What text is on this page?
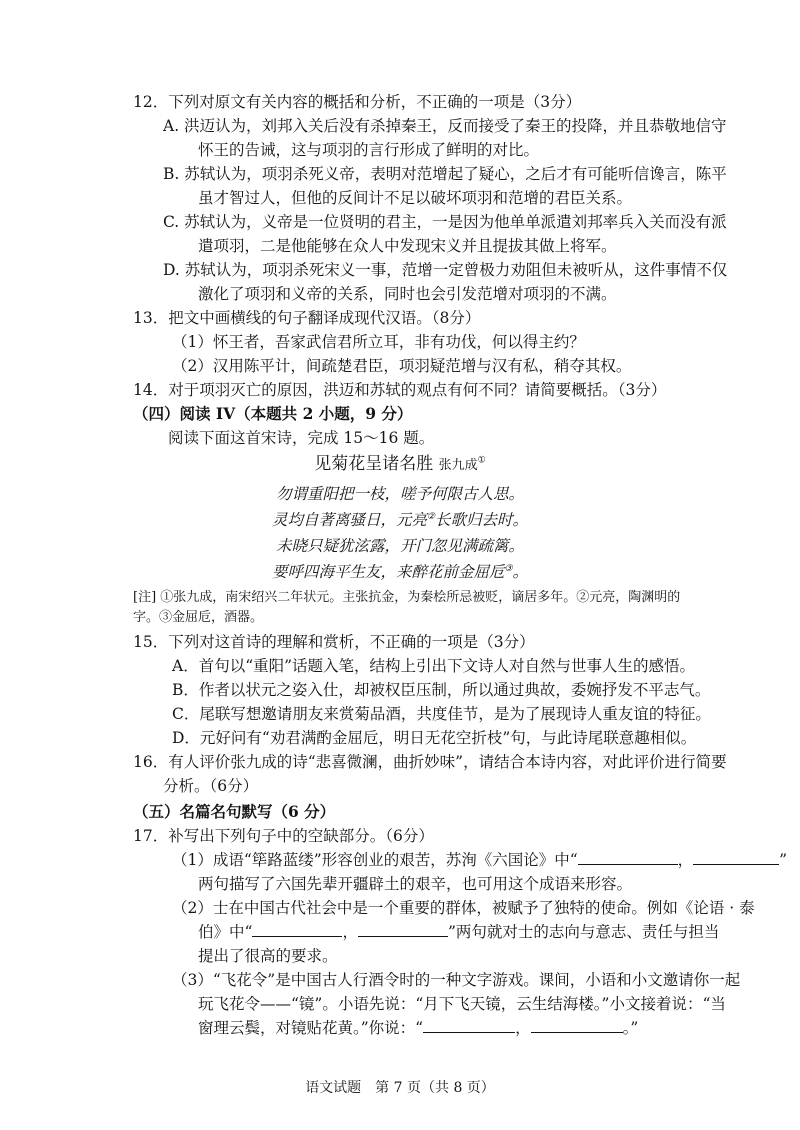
12．下列对原文有关内容的概括和分析，不正确的一项是（3分）
A. 洪迈认为，刘邦入关后没有杀掉秦王，反而接受了秦王的投降，并且恭敬地信守
怀王的告诫，这与项羽的言行形成了鲜明的对比。
B. 苏轼认为，项羽杀死义帝，表明对范增起了疑心，之后才有可能听信谗言，陈平
虽才智过人，但他的反间计不足以破坏项羽和范增的君臣关系。
C. 苏轼认为，义帝是一位贤明的君主，一是因为他单单派遣刘邦率兵入关而没有派
遣项羽，二是他能够在众人中发现宋义并且提拔其做上将军。
D. 苏轼认为，项羽杀死宋义一事，范增一定曾极力劝阻但未被听从，这件事情不仅
激化了项羽和义帝的关系，同时也会引发范增对项羽的不满。
13．把文中画横线的句子翻译成现代汉语。（8分）
（1）怀王者，吾家武信君所立耳，非有功伐，何以得主约？
（2）汉用陈平计，间疏楚君臣，项羽疑范增与汉有私，稍夺其权。
14．对于项羽灭亡的原因，洪迈和苏轼的观点有何不同？请简要概括。（3分）
（四）阅读 IV（本题共 2 小题，9 分）
阅读下面这首宋诗，完成 15～16 题。
见菊花呈诸名胜 张九成①
勿谓重阳把一枝，嗟予何限古人思。
灵均自著离骚日，元亮②长歌归去时。
未晓只疑犹泫露，开门忽见满疏篱。
要呼四海平生友，来醉花前金屈卮③。
[注] ①张九成，南宋绍兴二年状元。主张抗金，为秦桧所忌被贬，谪居多年。②元亮，陶渊明的
字。③金屈卮，酒器。
15．下列对这首诗的理解和赏析，不正确的一项是（3分）
A．首句以“重阳”话题入笔，结构上引出下文诗人对自然与世事人生的感悟。
B．作者以状元之姿入仕，却被权臣压制，所以通过典故，委婉抒发不平志气。
C．尾联写想邀请朋友来赏菊品酒，共度佳节，是为了展现诗人重友谊的特征。
D．元好问有“劝君满酌金屈卮，明日无花空折枝”句，与此诗尾联意趣相似。
16．有人评价张九成的诗“悲喜微澜，曲折妙味”，请结合本诗内容，对此评价进行简要
分析。（6分）
（五）名篇名句默写（6 分）
17．补写出下列句子中的空缺部分。（6分）
（1）成语“筚路蓝缕”形容创业的艰苦，苏洵《六国论》中“	，	”
两句描写了六国先辈开疆辟土的艰辛，也可用这个成语来形容。
（2）士在中国古代社会中是一个重要的群体，被赋予了独特的使命。例如《论语 · 泰
伯》中“	，	”两句就对士的志向与意志、责任与担当
提出了很高的要求。
（3）“飞花令”是中国古人行酒令时的一种文字游戏。课间，小语和小文邀请你一起
玩飞花令——“镜”。小语先说：“月下飞天镜，云生结海楼。”小文接着说：“当
窗理云鬓，对镜贴花黄。”你说：“	，	。”
语文试题　第 7 页（共 8 页）
